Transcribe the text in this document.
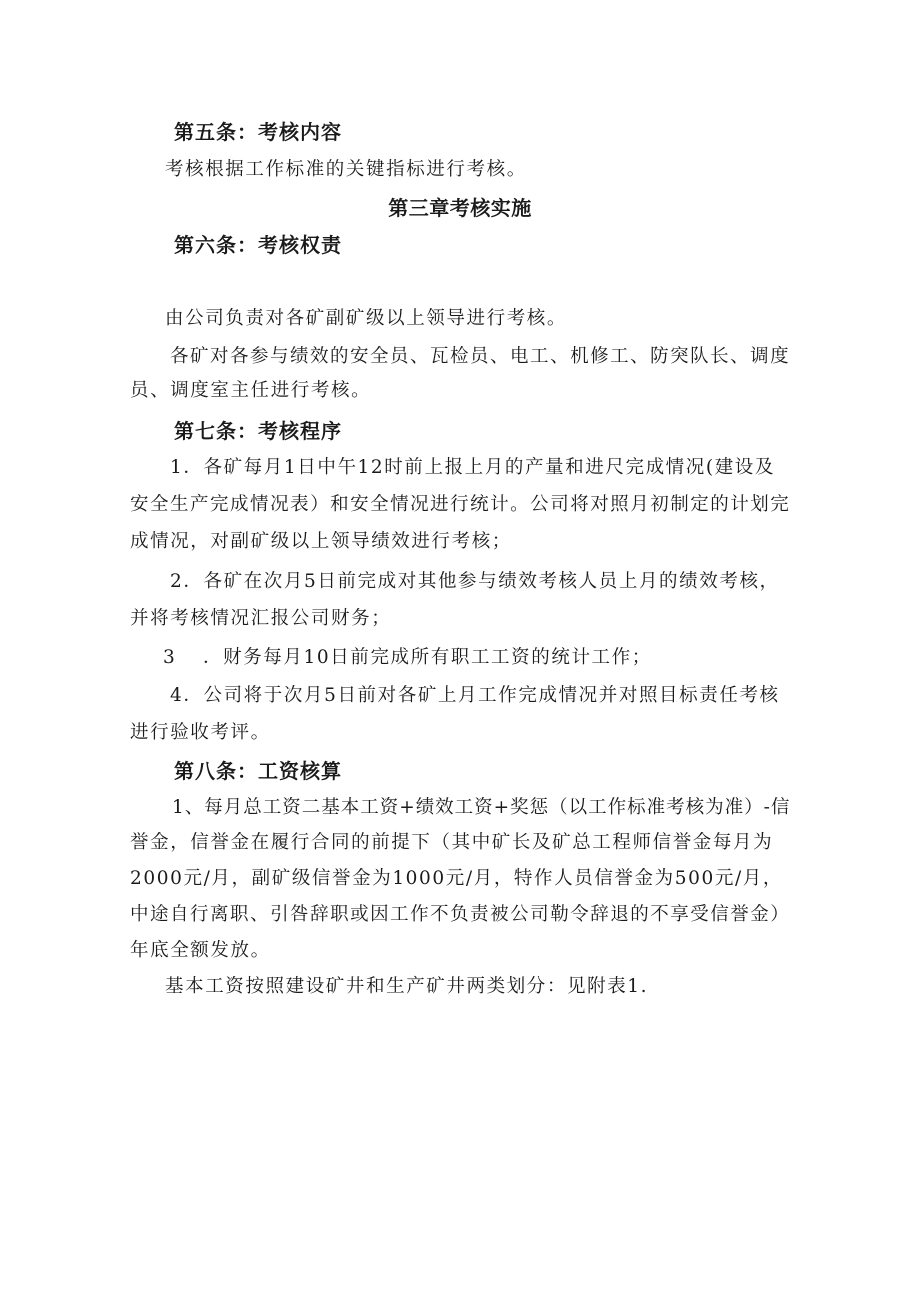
第五条：考核内容
考核根据工作标准的关键指标进行考核。
第三章考核实施
第六条：考核权责
由公司负责对各矿副矿级以上领导进行考核。
各矿对各参与绩效的安全员、瓦检员、电工、机修工、防突队长、调度
员、调度室主任进行考核。
第七条：考核程序
1．各矿每月1日中午12时前上报上月的产量和进尺完成情况(建设及
安全生产完成情况表）和安全情况进行统计。公司将对照月初制定的计划完
成情况，对副矿级以上领导绩效进行考核；
2．各矿在次月5日前完成对其他参与绩效考核人员上月的绩效考核，
并将考核情况汇报公司财务；
3 ．财务每月10日前完成所有职工工资的统计工作；
4．公司将于次月5日前对各矿上月工作完成情况并对照目标责任考核
进行验收考评。
第八条：工资核算
1、每月总工资二基本工资+绩效工资+奖惩（以工作标准考核为准）-信
誉金，信誉金在履行合同的前提下（其中矿长及矿总工程师信誉金每月为
2000元/月，副矿级信誉金为1000元/月，特作人员信誉金为500元/月，
中途自行离职、引咎辞职或因工作不负责被公司勒令辞退的不享受信誉金）
年底全额发放。
基本工资按照建设矿井和生产矿井两类划分：见附表1.
